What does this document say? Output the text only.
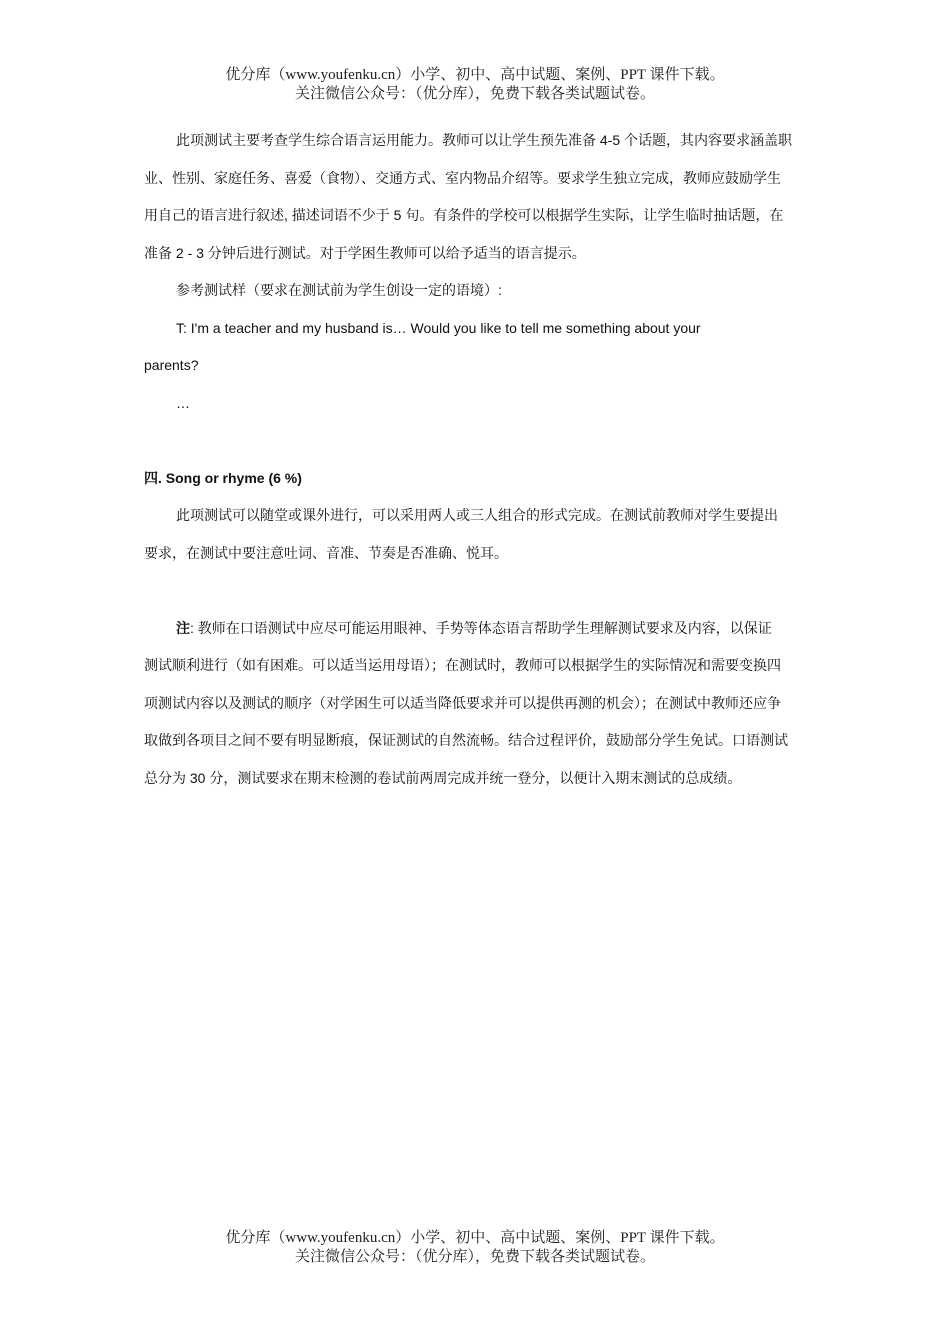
优分库（www.youfenku.cn）小学、初中、高中试题、案例、PPT 课件下载。
关注微信公众号：（优分库），免费下载各类试题试卷。

此项测试主要考查学生综合语言运用能力。教师可以让学生预先准备 4-5 个话题，其内容要求涵盖职

业、性别、家庭任务、喜爱（食物）、交通方式、室内物品介绍等。要求学生独立完成，教师应鼓励学生

用自己的语言进行叙述, 描述词语不少于 5 句。有条件的学校可以根据学生实际，让学生临时抽话题，在

准备 2 - 3 分钟后进行测试。对于学困生教师可以给予适当的语言提示。

参考测试样（要求在测试前为学生创设一定的语境）:

T: I'm a teacher and my husband is… Would you like to tell me something about your

parents?

…

四. Song or rhyme (6 %)

此项测试可以随堂或课外进行，可以采用两人或三人组合的形式完成。在测试前教师对学生要提出

要求，在测试中要注意吐词、音准、节奏是否准确、悦耳。

注: 教师在口语测试中应尽可能运用眼神、手势等体态语言帮助学生理解测试要求及内容，以保证

测试顺利进行（如有困难。可以适当运用母语）；在测试时，教师可以根据学生的实际情况和需要变换四

项测试内容以及测试的顺序（对学困生可以适当降低要求并可以提供再测的机会）；在测试中教师还应争

取做到各项目之间不要有明显断痕，保证测试的自然流畅。结合过程评价，鼓励部分学生免试。口语测试

总分为 30 分，测试要求在期末检测的卷试前两周完成并统一登分，以便计入期末测试的总成绩。

优分库（www.youfenku.cn）小学、初中、高中试题、案例、PPT 课件下载。
关注微信公众号：（优分库），免费下载各类试题试卷。
